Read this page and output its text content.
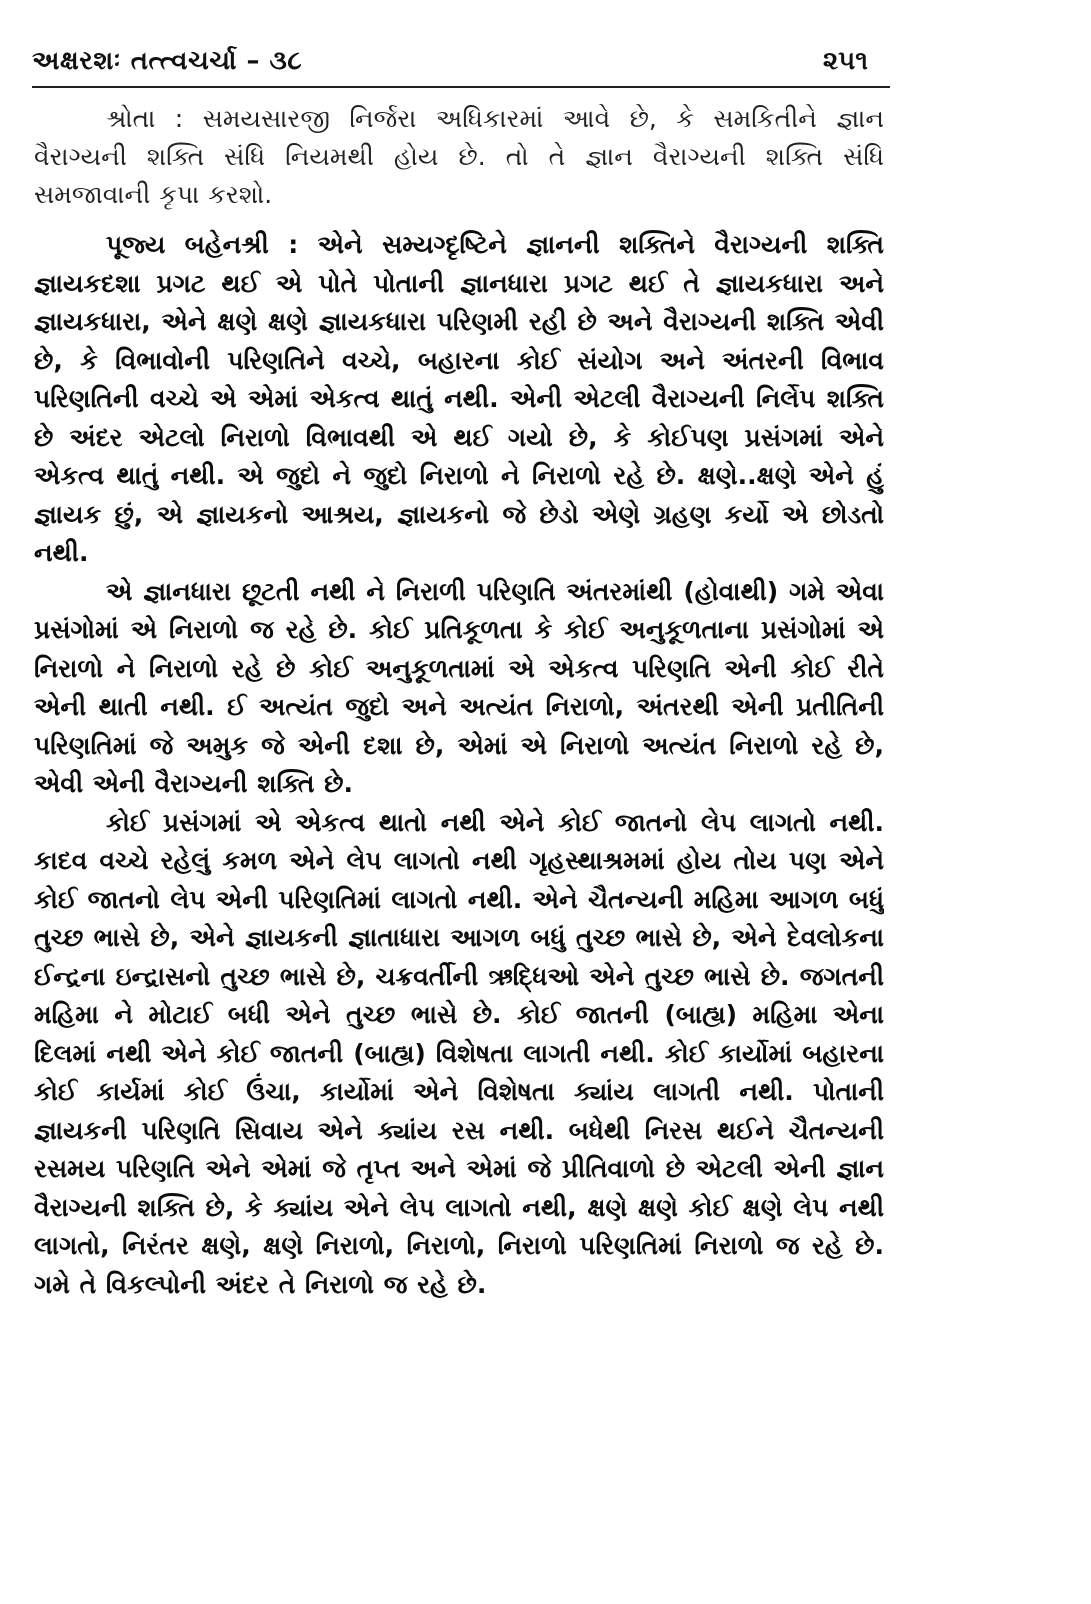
અક્ષરશઃ તત્ત્વચર્ચા – ૩૮	૨૫૧

શ્રોતા : સમયસારજી નિર્જરા અધિકારમાં આવે છે, કે સમકિતીને જ્ઞાન વૈરાગ્યની શક્તિ સંધિ નિયમથી હોય છે. તો તે જ્ઞાન વૈરાગ્યની શક્તિ સંધિ સમજાવાની કૃપા કરશો.

પૂજ્ય બહેનશ્રી : એને સમ્યગ્દૃષ્ટિને જ્ઞાનની શક્તિને વૈરાગ્યની શક્તિ જ્ઞાયકદશા પ્રગટ થઈ એ પોતે પોતાની જ્ઞાનધારા પ્રગટ થઈ તે જ્ઞાયકધારા અને જ્ઞાયકધારા, એને ક્ષણે ક્ષણે જ્ઞાયકધારા પરિણમી રહી છે અને વૈરાગ્યની શક્તિ એવી છે, કે વિભાવોની પરિણતિને વચ્ચે, બહારના કોઈ સંયોગ અને અંતરની વિભાવ પરિણતિની વચ્ચે એ એમાં એકત્વ થાતું નથી. એની એટલી વૈરાગ્યની નિર્લેપ શક્તિ છે અંદર એટલો નિરાળો વિભાવથી એ થઈ ગયો છે, કે કોઈપણ પ્રસંગમાં એને એકત્વ થાતું નથી. એ જુદો ને જુદો નિરાળો ને નિરાળો રહે છે. ક્ષણે..ક્ષણે એને હું જ્ઞાયક છું, એ જ્ઞાયકનો આશ્રય, જ્ઞાયકનો જે છેડો એણે ગ્રહણ કર્યો એ છોડતો નથી.

એ જ્ઞાનધારા છૂટતી નથી ને નિરાળી પરિણતિ અંતરમાંથી (હોવાથી) ગમે એવા પ્રસંગોમાં એ નિરાળો જ રહે છે. કોઈ પ્રતિકૂળતા કે કોઈ અનુકૂળતાના પ્રસંગોમાં એ નિરાળો ને નિરાળો રહે છે કોઈ અનુકૂળતામાં એ એકત્વ પરિણતિ એની કોઈ રીતે એની થાતી નથી. ઈ અત્યંત જુદો અને અત્યંત નિરાળો, અંતરથી એની પ્રતીતિની પરિણતિમાં જે અમુક જે એની દશા છે, એમાં એ નિરાળો અત્યંત નિરાળો રહે છે, એવી એની વૈરાગ્યની શક્તિ છે.

કોઈ પ્રસંગમાં એ એકત્વ થાતો નથી એને કોઈ જાતનો લેપ લાગતો નથી. કાદવ વચ્ચે રહેલું કમળ એને લેપ લાગતો નથી ગૃહસ્થાશ્રમમાં હોય તોય પણ એને કોઈ જાતનો લેપ એની પરિણતિમાં લાગતો નથી. એને ચૈતન્યની મહિમા આગળ બધું તુચ્છ ભાસે છે, એને જ્ઞાયકની જ્ઞાતાધારા આગળ બધું તુચ્છ ભાસે છે, એને દેવલોકના ઈન્દ્રના ઇન્દ્રાસનો તુચ્છ ભાસે છે, ચક્રવર્તીની ઋદ્ધિઓ એને તુચ્છ ભાસે છે. જગતની મહિમા ને મોટાઈ બધી એને તુચ્છ ભાસે છે. કોઈ જાતની (બાહ્ય) મહિમા એના દિલમાં નથી એને કોઈ જાતની (બાહ્ય) વિશેષતા લાગતી નથી. કોઈ કાર્યોમાં બહારના કોઈ કાર્યમાં કોઈ ઉંચા, કાર્યોમાં એને વિશેષતા ક્યાંય લાગતી નથી. પોતાની જ્ઞાયકની પરિણતિ સિવાય એને ક્યાંય રસ નથી. બધેથી નિરસ થઈને ચૈતન્યની રસમય પરિણતિ એને એમાં જે તૃપ્ત અને એમાં જે પ્રીતિવાળો છે એટલી એની જ્ઞાન વૈરાગ્યની શક્તિ છે, કે ક્યાંય એને લેપ લાગતો નથી, ક્ષણે ક્ષણે કોઈ ક્ષણે લેપ નથી લાગતો, નિરંતર ક્ષણે, ક્ષણે નિરાળો, નિરાળો, નિરાળો પરિણતિમાં નિરાળો જ રહે છે. ગમે તે વિકલ્પોની અંદર તે નિરાળો જ રહે છે.
